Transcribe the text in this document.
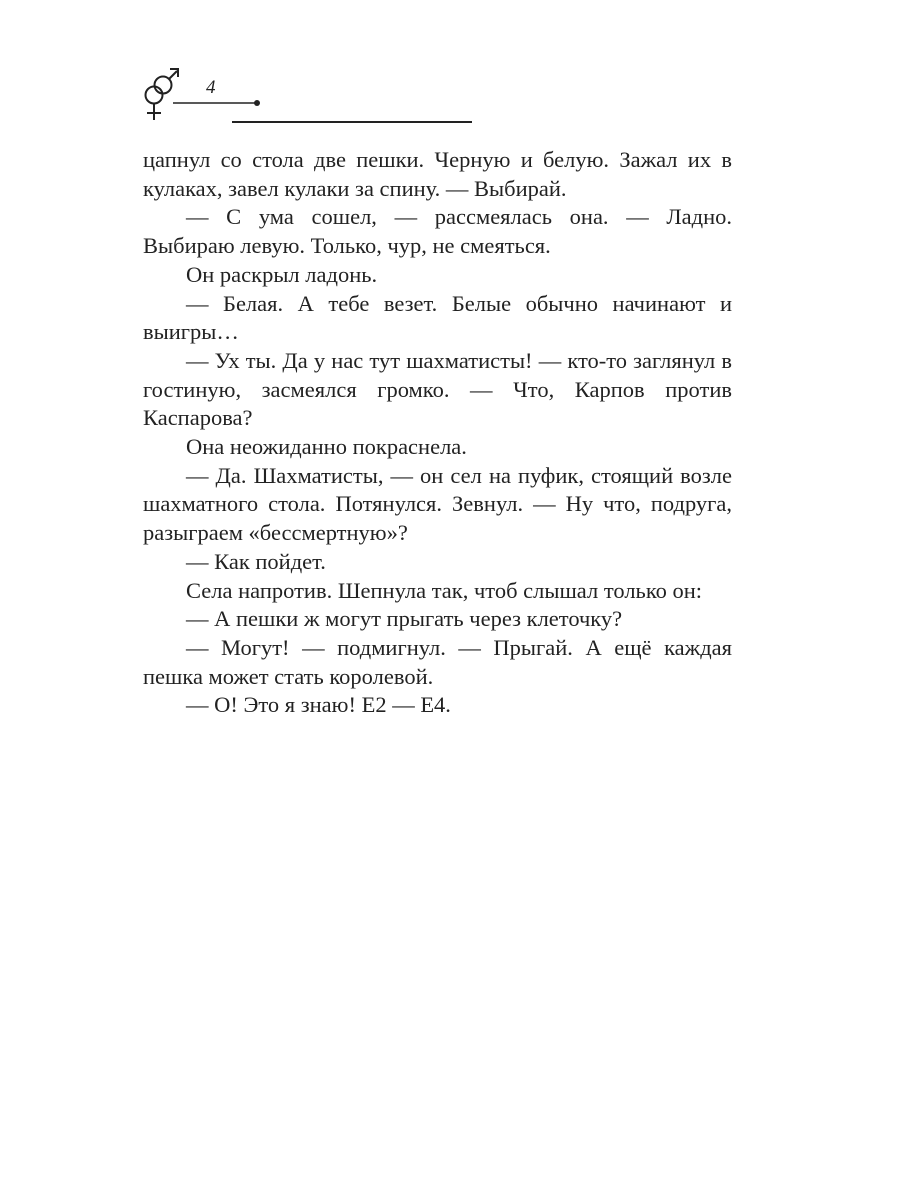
4

цапнул со стола две пешки. Черную и белую. Зажал их в кулаках, завел кулаки за спину. — Выбирай.

— С ума сошел, — рассмеялась она. — Ладно. Выбираю левую. Только, чур, не смеяться.

Он раскрыл ладонь.

— Белая. А тебе везет. Белые обычно начинают и выигры…

— Ух ты. Да у нас тут шахматисты! — кто-то заглянул в гостиную, засмеялся громко. — Что, Карпов против Каспарова?

Она неожиданно покраснела.

— Да. Шахматисты, — он сел на пуфик, стоящий возле шахматного стола. Потянулся. Зевнул. — Ну что, подруга, разыграем «бессмертную»?

— Как пойдет.

Села напротив. Шепнула так, чтоб слышал только он:

— А пешки ж могут прыгать через клеточку?

— Могут! — подмигнул. — Прыгай. А ещё каждая пешка может стать королевой.

— О! Это я знаю! Е2 — Е4.
